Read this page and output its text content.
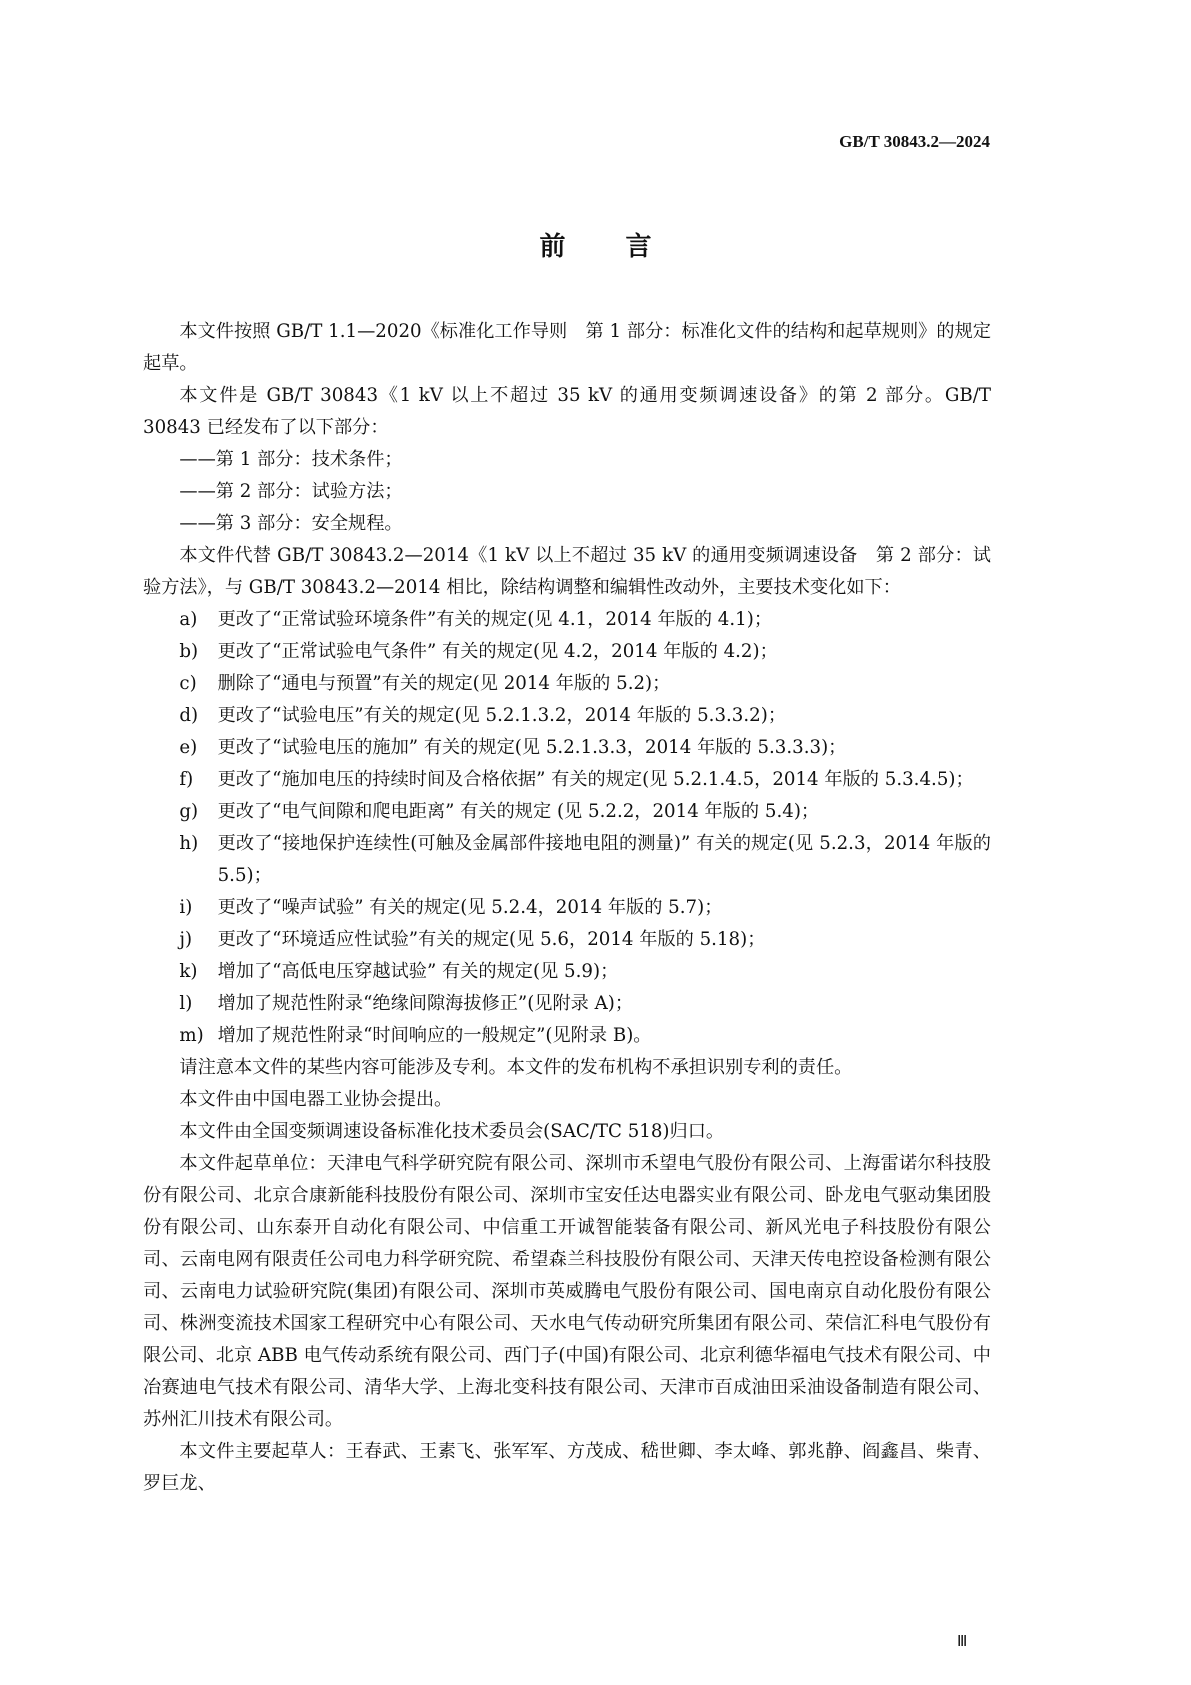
GB/T 30843.2—2024
前言

本文件按照 GB/T 1.1—2020《标准化工作导则　第 1 部分：标准化文件的结构和起草规则》的规定起草。

本文件是 GB/T 30843《1 kV 以上不超过 35 kV 的通用变频调速设备》的第 2 部分。GB/T 30843 已经发布了以下部分：

——第 1 部分：技术条件；

——第 2 部分：试验方法；

——第 3 部分：安全规程。

本文件代替 GB/T 30843.2—2014《1 kV 以上不超过 35 kV 的通用变频调速设备　第 2 部分：试验方法》，与 GB/T 30843.2—2014 相比，除结构调整和编辑性改动外，主要技术变化如下：

a)	更改了“正常试验环境条件”有关的规定(见 4.1，2014 年版的 4.1)；
b)	更改了“正常试验电气条件” 有关的规定(见 4.2，2014 年版的 4.2)；
c)	删除了“通电与预置”有关的规定(见 2014 年版的 5.2)；
d)	更改了“试验电压”有关的规定(见 5.2.1.3.2，2014 年版的 5.3.3.2)；
e)	更改了“试验电压的施加” 有关的规定(见 5.2.1.3.3，2014 年版的 5.3.3.3)；
f)	更改了“施加电压的持续时间及合格依据” 有关的规定(见 5.2.1.4.5，2014 年版的 5.3.4.5)；
g)	更改了“电气间隙和爬电距离” 有关的规定 (见 5.2.2，2014 年版的 5.4)；
h)	更改了“接地保护连续性(可触及金属部件接地电阻的测量)” 有关的规定(见 5.2.3，2014 年版的 5.5)；
i)	更改了“噪声试验” 有关的规定(见 5.2.4，2014 年版的 5.7)；
j)	更改了“环境适应性试验”有关的规定(见 5.6，2014 年版的 5.18)；
k)	增加了“高低电压穿越试验” 有关的规定(见 5.9)；
l)	增加了规范性附录“绝缘间隙海拔修正”(见附录 A)；
m) 增加了规范性附录“时间响应的一般规定”(见附录 B)。

请注意本文件的某些内容可能涉及专利。本文件的发布机构不承担识别专利的责任。

本文件由中国电器工业协会提出。

本文件由全国变频调速设备标准化技术委员会(SAC/TC 518)归口。

本文件起草单位：天津电气科学研究院有限公司、深圳市禾望电气股份有限公司、上海雷诺尔科技股份有限公司、北京合康新能科技股份有限公司、深圳市宝安任达电器实业有限公司、卧龙电气驱动集团股份有限公司、山东泰开自动化有限公司、中信重工开诚智能装备有限公司、新风光电子科技股份有限公司、云南电网有限责任公司电力科学研究院、希望森兰科技股份有限公司、天津天传电控设备检测有限公司、云南电力试验研究院(集团)有限公司、深圳市英威腾电气股份有限公司、国电南京自动化股份有限公司、株洲变流技术国家工程研究中心有限公司、天水电气传动研究所集团有限公司、荣信汇科电气股份有限公司、北京 ABB 电气传动系统有限公司、西门子(中国)有限公司、北京利德华福电气技术有限公司、中冶赛迪电气技术有限公司、清华大学、上海北变科技有限公司、天津市百成油田采油设备制造有限公司、苏州汇川技术有限公司。

本文件主要起草人：王春武、王素飞、张军军、方茂成、嵇世卿、李太峰、郭兆静、阎鑫昌、柴青、罗巨龙、

Ⅲ
